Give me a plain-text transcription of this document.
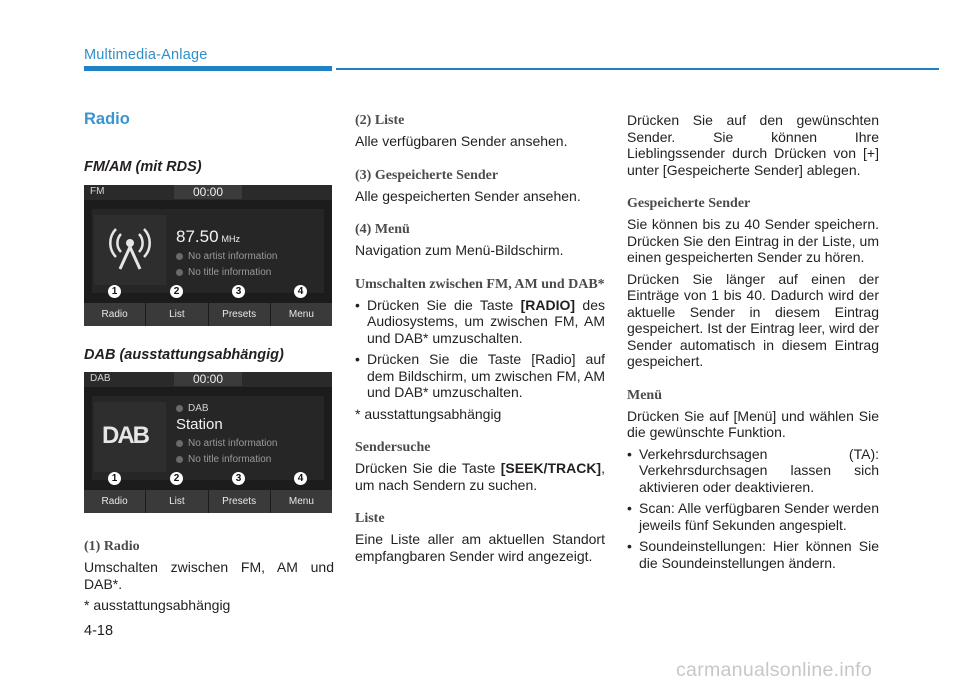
Multimedia-Anlage
Radio
FM/AM (mit RDS)
FM	00:00
87.50 MHz
No artist information
No title information
1	2	3	4
Radio	List	Presets	Menu
DAB (ausstattungsabhängig)
DAB	00:00
DAB
DAB
Station
No artist information
No title information
1	2	3	4
Radio	List	Presets	Menu
(1) Radio

Umschalten zwischen FM, AM und DAB*.

* ausstattungsabhängig

(2) Liste

Alle verfügbaren Sender ansehen.

(3) Gespeicherte Sender

Alle gespeicherten Sender ansehen.

(4) Menü

Navigation zum Menü-Bildschirm.

Umschalten zwischen FM, AM und DAB*
• Drücken Sie die Taste [RADIO] des Audiosystems, um zwischen FM, AM und DAB* umzuschalten.
• Drücken Sie die Taste [Radio] auf dem Bildschirm, um zwischen FM, AM und DAB* umzuschalten.

* ausstattungsabhängig

Sendersuche

Drücken Sie die Taste [SEEK/TRACK], um nach Sendern zu suchen.

Liste

Eine Liste aller am aktuellen Standort empfangbaren Sender wird angezeigt.

Drücken Sie auf den gewünschten Sender. Sie können Ihre Lieblingssender durch Drücken von [+] unter [Gespeicherte Sender] ablegen.

Gespeicherte Sender

Sie können bis zu 40 Sender speichern. Drücken Sie den Eintrag in der Liste, um einen gespeicherten Sender zu hören.

Drücken Sie länger auf einen der Einträge von 1 bis 40. Dadurch wird der aktuelle Sender in diesem Eintrag gespeichert. Ist der Eintrag leer, wird der Sender automatisch in diesem Eintrag gespeichert.

Menü

Drücken Sie auf [Menü] und wählen Sie die gewünschte Funktion.

• Verkehrsdurchsagen (TA): Verkehrsdurchsagen lassen sich aktivieren oder deaktivieren.
• Scan: Alle verfügbaren Sender werden jeweils fünf Sekunden angespielt.
• Soundeinstellungen: Hier können Sie die Soundeinstellungen ändern.
4-18
carmanualsonline.info
